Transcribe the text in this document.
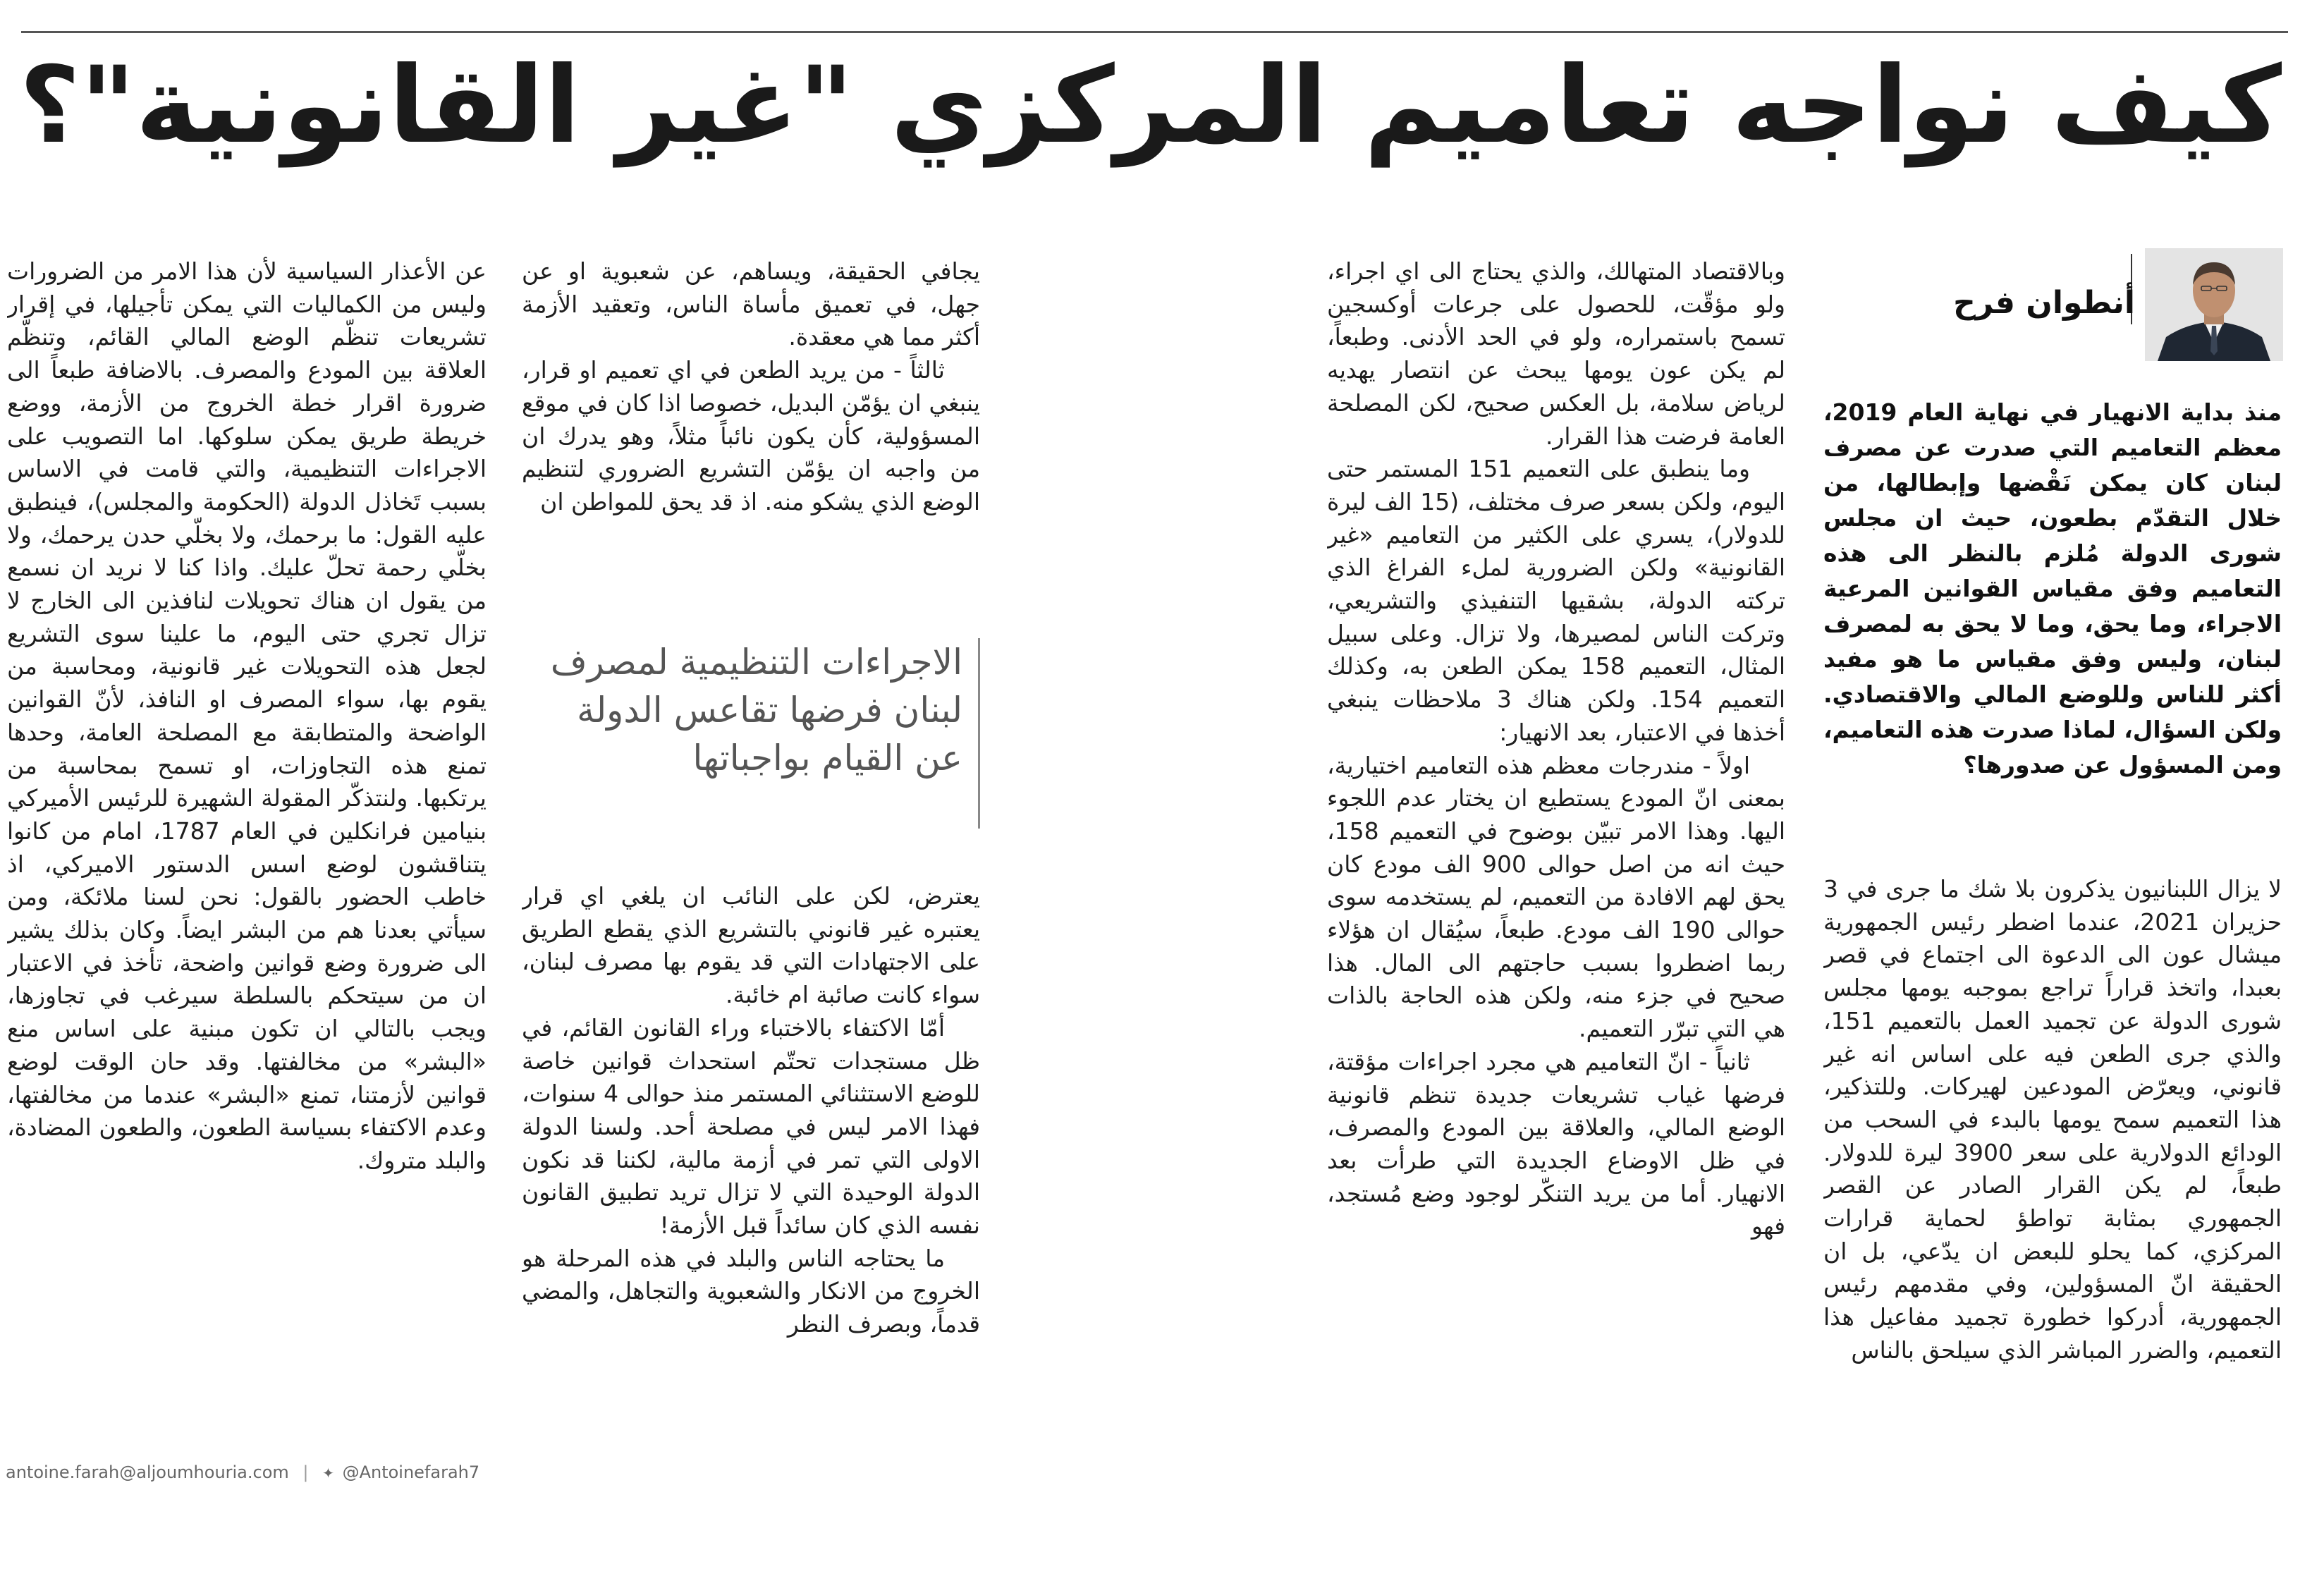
كيف نواجه تعاميم المركزي "غير القانونية"؟
أنطوان فرح
منذ بداية الانهيار في نهاية العام 2019، معظم التعاميم التي صدرت عن مصرف لبنان كان يمكن نَقْضها وإبطالها، من خلال التقدّم بطعون، حيث ان مجلس شورى الدولة مُلزم بالنظر الى هذه التعاميم وفق مقياس القوانين المرعية الاجراء، وما يحق، وما لا يحق به لمصرف لبنان، وليس وفق مقياس ما هو مفيد أكثر للناس وللوضع المالي والاقتصادي. ولكن السؤال، لماذا صدرت هذه التعاميم، ومن المسؤول عن صدورها؟

لا يزال اللبنانيون يذكرون بلا شك ما جرى في 3 حزيران 2021، عندما اضطر رئيس الجمهورية ميشال عون الى الدعوة الى اجتماع في قصر بعبدا، واتخذ قراراً تراجع بموجبه يومها مجلس شورى الدولة عن تجميد العمل بالتعميم 151، والذي جرى الطعن فيه على اساس انه غير قانوني، ويعرّض المودعين لهيركات. وللتذكير، هذا التعميم سمح يومها بالبدء في السحب من الودائع الدولارية على سعر 3900 ليرة للدولار. طبعاً، لم يكن القرار الصادر عن القصر الجمهوري بمثابة تواطؤ لحماية قرارات المركزي، كما يحلو للبعض ان يدّعي، بل ان الحقيقة انّ المسؤولين، وفي مقدمهم رئيس الجمهورية، أدركوا خطورة تجميد مفاعيل هذا التعميم، والضرر المباشر الذي سيلحق بالناس

وبالاقتصاد المتهالك، والذي يحتاج الى اي اجراء، ولو مؤقّت، للحصول على جرعات أوكسجين تسمح باستمراره، ولو في الحد الأدنى. وطبعاً، لم يكن عون يومها يبحث عن انتصار يهديه لرياض سلامة، بل العكس صحيح، لكن المصلحة العامة فرضت هذا القرار.

وما ينطبق على التعميم 151 المستمر حتى اليوم، ولكن بسعر صرف مختلف، (15 الف ليرة للدولار)، يسري على الكثير من التعاميم «غير القانونية» ولكن الضرورية لملء الفراغ الذي تركته الدولة، بشقيها التنفيذي والتشريعي، وتركت الناس لمصيرها، ولا تزال. وعلى سبيل المثال، التعميم 158 يمكن الطعن به، وكذلك التعميم 154. ولكن هناك 3 ملاحظات ينبغي أخذها في الاعتبار، بعد الانهيار:

اولاً - مندرجات معظم هذه التعاميم اختيارية، بمعنى انّ المودع يستطيع ان يختار عدم اللجوء اليها. وهذا الامر تبيّن بوضوح في التعميم 158، حيث انه من اصل حوالى 900 الف مودع كان يحق لهم الافادة من التعميم، لم يستخدمه سوى حوالى 190 الف مودع. طبعاً، سيُقال ان هؤلاء ربما اضطروا بسبب حاجتهم الى المال. هذا صحيح في جزء منه، ولكن هذه الحاجة بالذات هي التي تبرّر التعميم.

ثانياً - انّ التعاميم هي مجرد اجراءات مؤقتة، فرضها غياب تشريعات جديدة تنظم قانونية الوضع المالي، والعلاقة بين المودع والمصرف، في ظل الاوضاع الجديدة التي طرأت بعد الانهيار. أما من يريد التنكّر لوجود وضع مُستجد، فهو

يجافي الحقيقة، ويساهم، عن شعبوية او عن جهل، في تعميق مأساة الناس، وتعقيد الأزمة أكثر مما هي معقدة.

ثالثاً - من يريد الطعن في اي تعميم او قرار، ينبغي ان يؤمّن البديل، خصوصا اذا كان في موقع المسؤولية، كأن يكون نائباً مثلاً، وهو يدرك ان من واجبه ان يؤمّن التشريع الضروري لتنظيم الوضع الذي يشكو منه. اذ قد يحق للمواطن ان

الاجراءات التنظيمية لمصرف لبنان فرضها تقاعس الدولة عن القيام بواجباتها

يعترض، لكن على النائب ان يلغي اي قرار يعتبره غير قانوني بالتشريع الذي يقطع الطريق على الاجتهادات التي قد يقوم بها مصرف لبنان، سواء كانت صائبة ام خائبة.

أمّا الاكتفاء بالاختباء وراء القانون القائم، في ظل مستجدات تحتّم استحداث قوانين خاصة للوضع الاستثنائي المستمر منذ حوالى 4 سنوات، فهذا الامر ليس في مصلحة أحد. ولسنا الدولة الاولى التي تمر في أزمة مالية، لكننا قد نكون الدولة الوحيدة التي لا تزال تريد تطبيق القانون نفسه الذي كان سائداً قبل الأزمة!

ما يحتاجه الناس والبلد في هذه المرحلة هو الخروج من الانكار والشعبوية والتجاهل، والمضي قدماً، وبصرف النظر

عن الأعذار السياسية لأن هذا الامر من الضرورات وليس من الكماليات التي يمكن تأجيلها، في إقرار تشريعات تنظّم الوضع المالي القائم، وتنظّم العلاقة بين المودع والمصرف. بالاضافة طبعاً الى ضرورة اقرار خطة الخروج من الأزمة، ووضع خريطة طريق يمكن سلوكها. اما التصويب على الاجراءات التنظيمية، والتي قامت في الاساس بسبب تَخاذل الدولة (الحكومة والمجلس)، فينطبق عليه القول: ما برحمك، ولا بخلّي حدن يرحمك، ولا بخلّي رحمة تحلّ عليك. واذا كنا لا نريد ان نسمع من يقول ان هناك تحويلات لنافذين الى الخارج لا تزال تجري حتى اليوم، ما علينا سوى التشريع لجعل هذه التحويلات غير قانونية، ومحاسبة من يقوم بها، سواء المصرف او النافذ، لأنّ القوانين الواضحة والمتطابقة مع المصلحة العامة، وحدها تمنع هذه التجاوزات، او تسمح بمحاسبة من يرتكبها. ولنتذكّر المقولة الشهيرة للرئيس الأميركي بنيامين فرانكلين في العام 1787، امام من كانوا يتناقشون لوضع اسس الدستور الاميركي، اذ خاطب الحضور بالقول: نحن لسنا ملائكة، ومن سيأتي بعدنا هم من البشر ايضاً. وكان بذلك يشير الى ضرورة وضع قوانين واضحة، تأخذ في الاعتبار ان من سيتحكم بالسلطة سيرغب في تجاوزها، ويجب بالتالي ان تكون مبنية على اساس منع «البشر» من مخالفتها. وقد حان الوقت لوضع قوانين لأزمتنا، تمنع «البشر» عندما من مخالفتها، وعدم الاكتفاء بسياسة الطعون، والطعون المضادة، والبلد متروك.

antoine.farah@aljoumhouria.com | ✦ @Antoinefarah7
